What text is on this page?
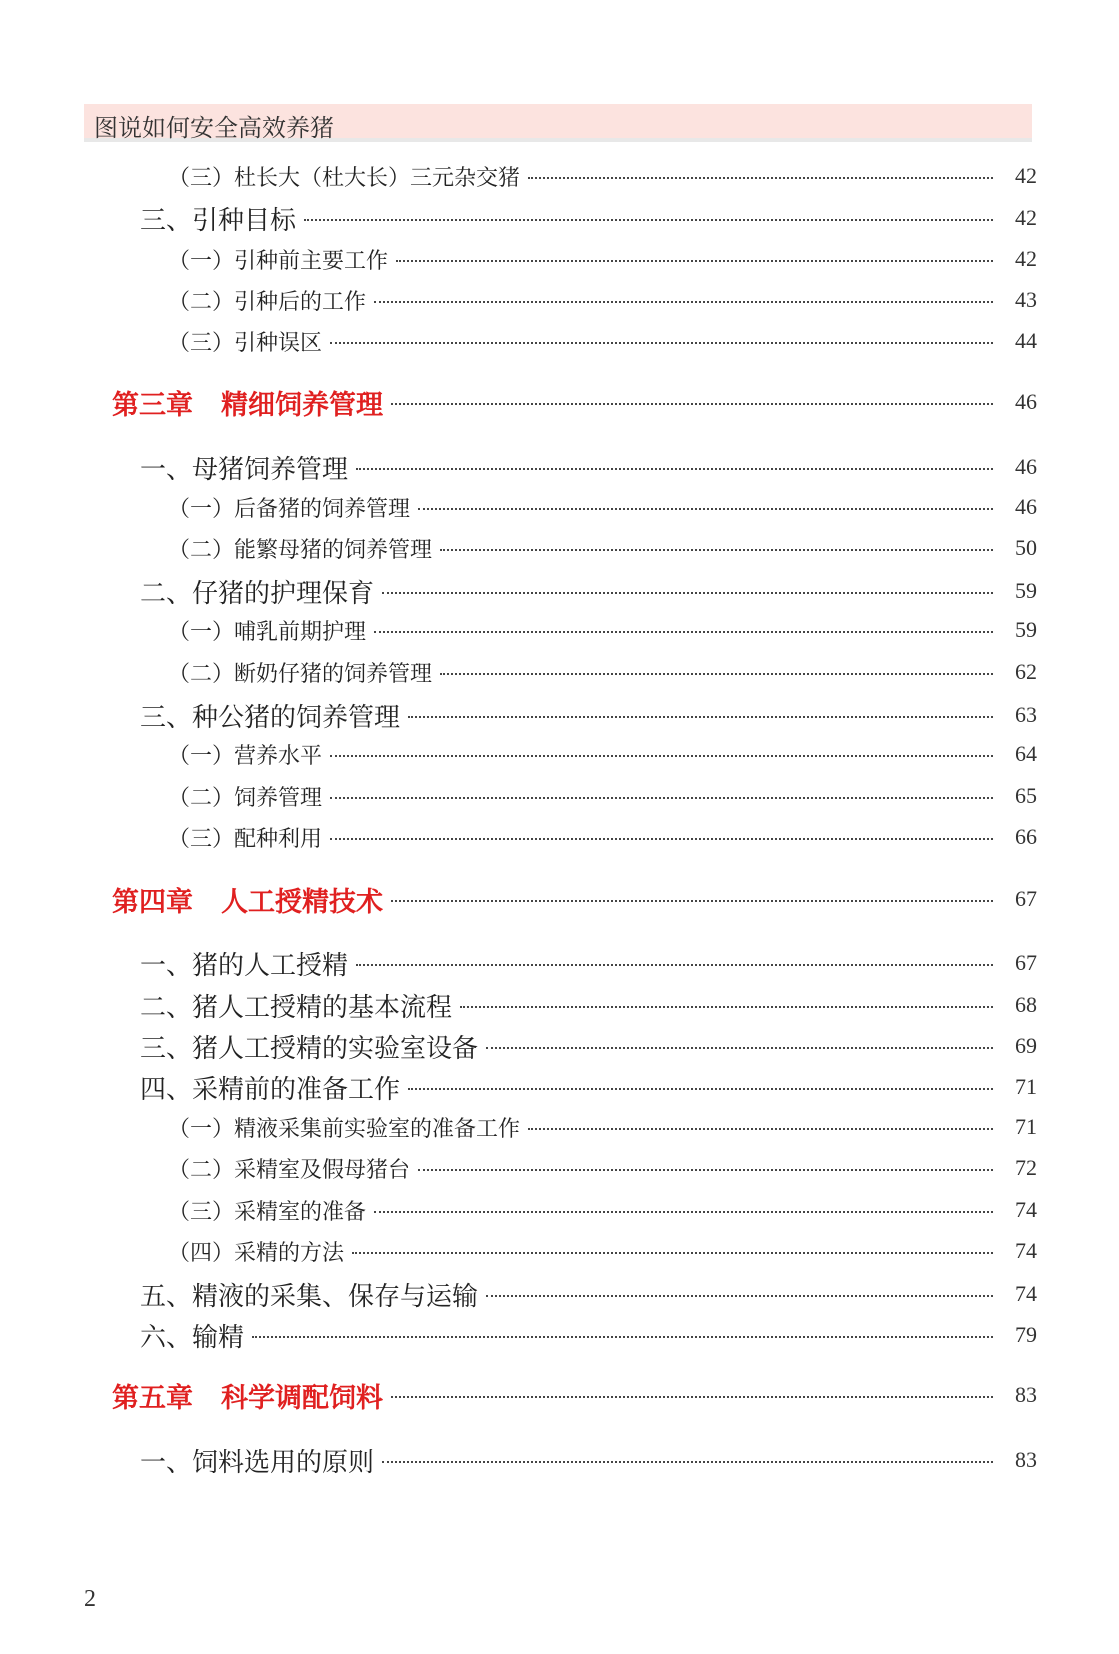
图说如何安全高效养猪
（三）杜长大（杜大长）三元杂交猪	42
三、引种目标	42
（一）引种前主要工作	42
（二）引种后的工作	43
（三）引种误区	44
第三章 精细饲养管理	46
一、母猪饲养管理	46
（一）后备猪的饲养管理	46
（二）能繁母猪的饲养管理	50
二、仔猪的护理保育	59
（一）哺乳前期护理	59
（二）断奶仔猪的饲养管理	62
三、种公猪的饲养管理	63
（一）营养水平	64
（二）饲养管理	65
（三）配种利用	66
第四章 人工授精技术	67
一、猪的人工授精	67
二、猪人工授精的基本流程	68
三、猪人工授精的实验室设备	69
四、采精前的准备工作	71
（一）精液采集前实验室的准备工作	71
（二）采精室及假母猪台	72
（三）采精室的准备	74
（四）采精的方法	74
五、精液的采集、保存与运输	74
六、输精	79
第五章 科学调配饲料	83
一、饲料选用的原则	83
2
